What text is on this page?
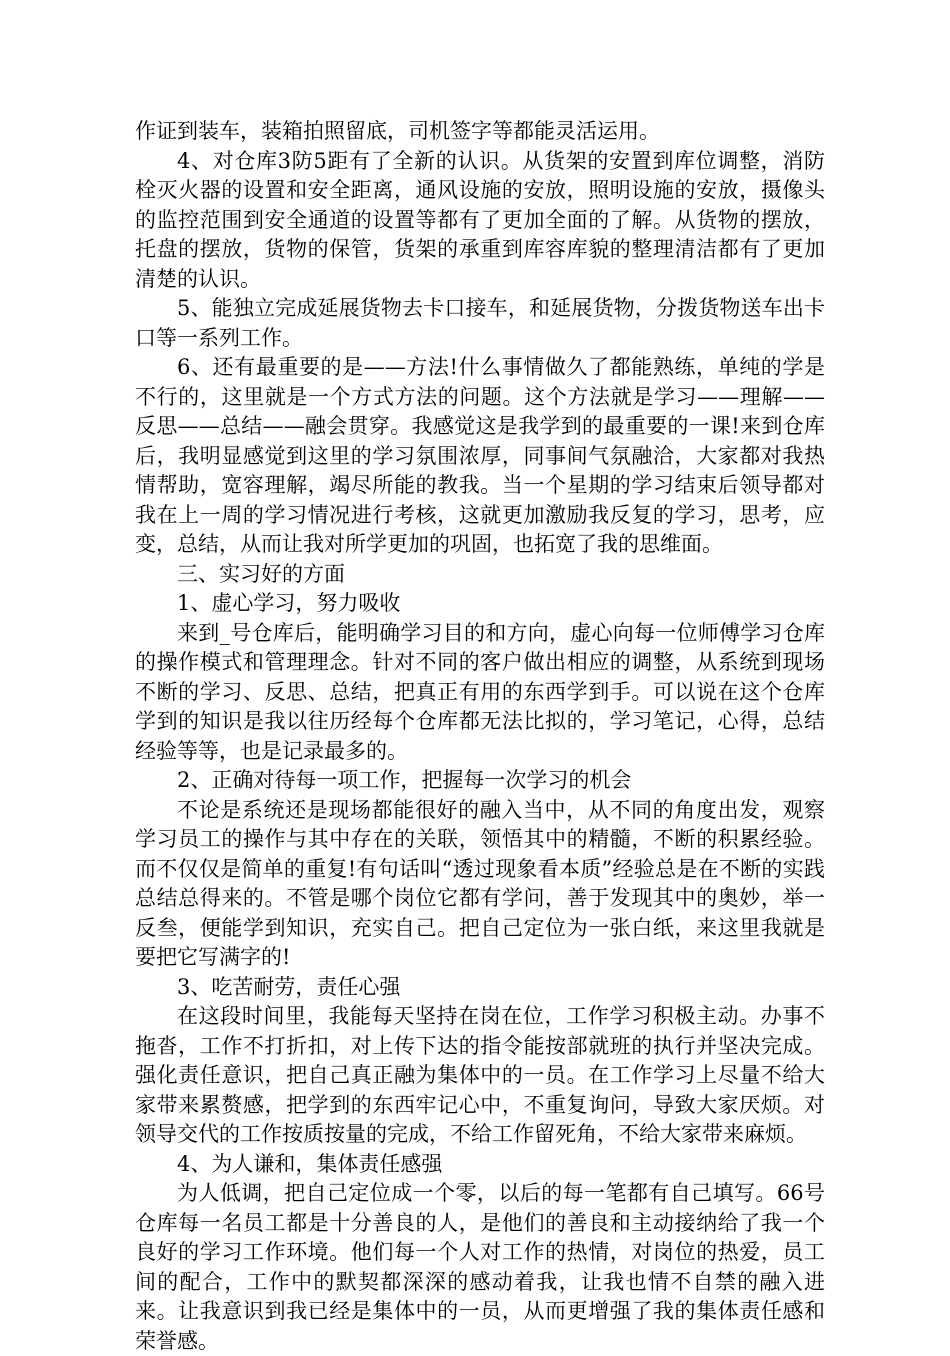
作证到装车，装箱拍照留底，司机签字等都能灵活运用。

4、对仓库3防5距有了全新的认识。从货架的安置到库位调整，消防栓灭火器的设置和安全距离，通风设施的安放，照明设施的安放，摄像头的监控范围到安全通道的设置等都有了更加全面的了解。从货物的摆放，托盘的摆放，货物的保管，货架的承重到库容库貌的整理清洁都有了更加清楚的认识。

5、能独立完成延展货物去卡口接车，和延展货物，分拨货物送车出卡口等一系列工作。

6、还有最重要的是——方法!什么事情做久了都能熟练，单纯的学是不行的，这里就是一个方式方法的问题。这个方法就是学习——理解——反思——总结——融会贯穿。我感觉这是我学到的最重要的一课!来到仓库后，我明显感觉到这里的学习氛围浓厚，同事间气氛融洽，大家都对我热情帮助，宽容理解，竭尽所能的教我。当一个星期的学习结束后领导都对我在上一周的学习情况进行考核，这就更加激励我反复的学习，思考，应变，总结，从而让我对所学更加的巩固，也拓宽了我的思维面。

三、实习好的方面

1、虚心学习，努力吸收

来到_号仓库后，能明确学习目的和方向，虚心向每一位师傅学习仓库的操作模式和管理理念。针对不同的客户做出相应的调整，从系统到现场不断的学习、反思、总结，把真正有用的东西学到手。可以说在这个仓库学到的知识是我以往历经每个仓库都无法比拟的，学习笔记，心得，总结经验等等，也是记录最多的。

2、正确对待每一项工作，把握每一次学习的机会

不论是系统还是现场都能很好的融入当中，从不同的角度出发，观察学习员工的操作与其中存在的关联，领悟其中的精髓，不断的积累经验。而不仅仅是简单的重复!有句话叫“透过现象看本质”经验总是在不断的实践总结总得来的。不管是哪个岗位它都有学问，善于发现其中的奥妙，举一反叁，便能学到知识，充实自己。把自己定位为一张白纸，来这里我就是要把它写满字的!

3、吃苦耐劳，责任心强

在这段时间里，我能每天坚持在岗在位，工作学习积极主动。办事不拖沓，工作不打折扣，对上传下达的指令能按部就班的执行并坚决完成。强化责任意识，把自己真正融为集体中的一员。在工作学习上尽量不给大家带来累赘感，把学到的东西牢记心中，不重复询问，导致大家厌烦。对领导交代的工作按质按量的完成，不给工作留死角，不给大家带来麻烦。

4、为人谦和，集体责任感强

为人低调，把自己定位成一个零，以后的每一笔都有自己填写。66号仓库每一名员工都是十分善良的人，是他们的善良和主动接纳给了我一个良好的学习工作环境。他们每一个人对工作的热情，对岗位的热爱，员工间的配合，工作中的默契都深深的感动着我，让我也情不自禁的融入进来。让我意识到我已经是集体中的一员，从而更增强了我的集体责任感和荣誉感。
